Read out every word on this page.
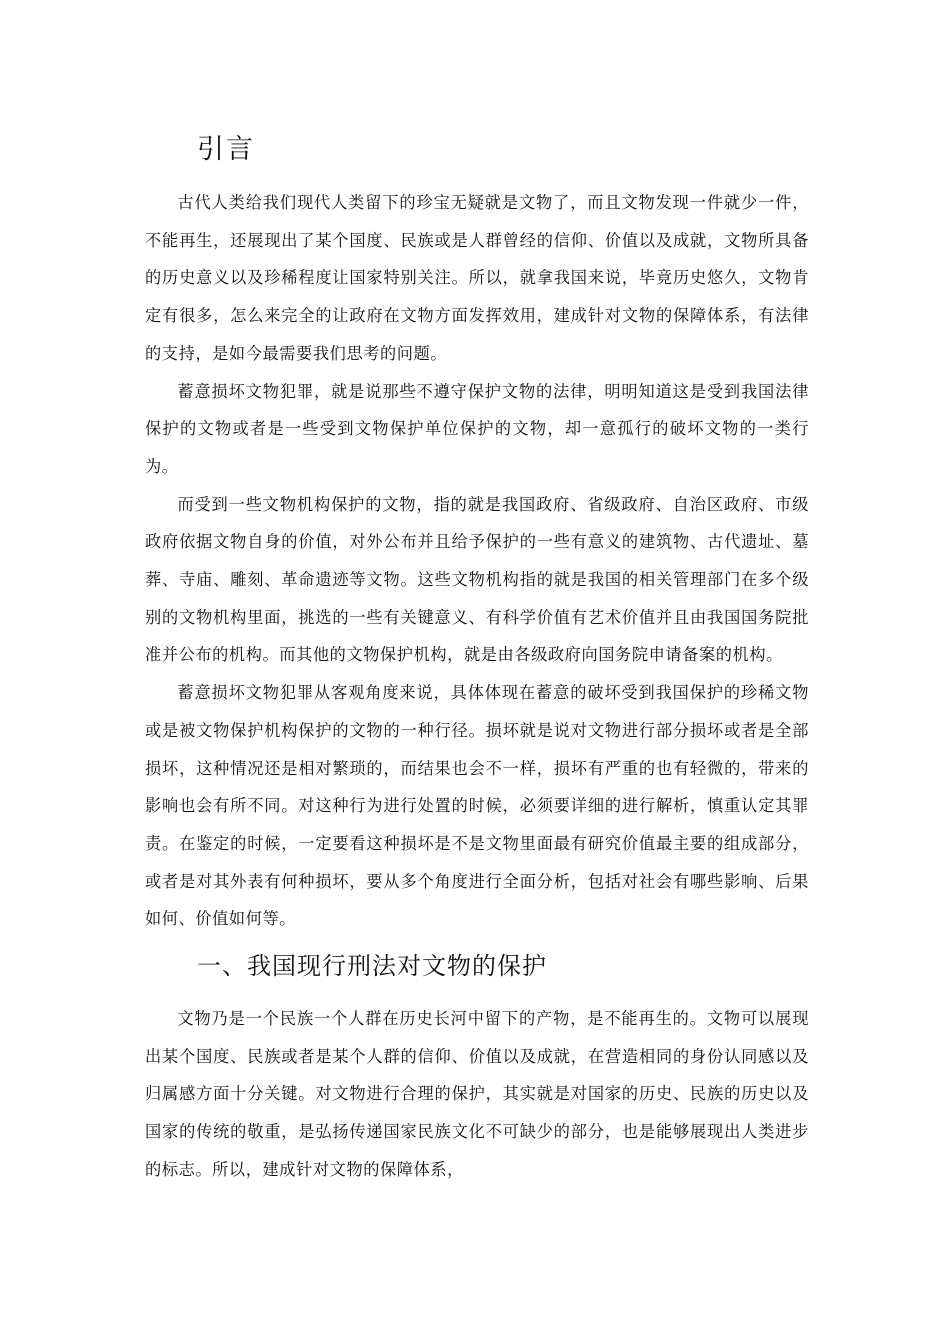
引言

古代人类给我们现代人类留下的珍宝无疑就是文物了，而且文物发现一件就少一件，不能再生，还展现出了某个国度、民族或是人群曾经的信仰、价值以及成就，文物所具备的历史意义以及珍稀程度让国家特别关注。所以，就拿我国来说，毕竟历史悠久，文物肯定有很多，怎么来完全的让政府在文物方面发挥效用，建成针对文物的保障体系，有法律的支持，是如今最需要我们思考的问题。

蓄意损坏文物犯罪，就是说那些不遵守保护文物的法律，明明知道这是受到我国法律保护的文物或者是一些受到文物保护单位保护的文物，却一意孤行的破坏文物的一类行为。

而受到一些文物机构保护的文物，指的就是我国政府、省级政府、自治区政府、市级政府依据文物自身的价值，对外公布并且给予保护的一些有意义的建筑物、古代遗址、墓葬、寺庙、雕刻、革命遗迹等文物。这些文物机构指的就是我国的相关管理部门在多个级别的文物机构里面，挑选的一些有关键意义、有科学价值有艺术价值并且由我国国务院批准并公布的机构。而其他的文物保护机构，就是由各级政府向国务院申请备案的机构。

蓄意损坏文物犯罪从客观角度来说，具体体现在蓄意的破坏受到我国保护的珍稀文物或是被文物保护机构保护的文物的一种行径。损坏就是说对文物进行部分损坏或者是全部损坏，这种情况还是相对繁琐的，而结果也会不一样，损坏有严重的也有轻微的，带来的影响也会有所不同。对这种行为进行处置的时候，必须要详细的进行解析，慎重认定其罪责。在鉴定的时候，一定要看这种损坏是不是文物里面最有研究价值最主要的组成部分，或者是对其外表有何种损坏，要从多个角度进行全面分析，包括对社会有哪些影响、后果如何、价值如何等。

一、我国现行刑法对文物的保护

文物乃是一个民族一个人群在历史长河中留下的产物，是不能再生的。文物可以展现出某个国度、民族或者是某个人群的信仰、价值以及成就，在营造相同的身份认同感以及归属感方面十分关键。对文物进行合理的保护，其实就是对国家的历史、民族的历史以及国家的传统的敬重，是弘扬传递国家民族文化不可缺少的部分，也是能够展现出人类进步的标志。所以，建成针对文物的保障体系，
